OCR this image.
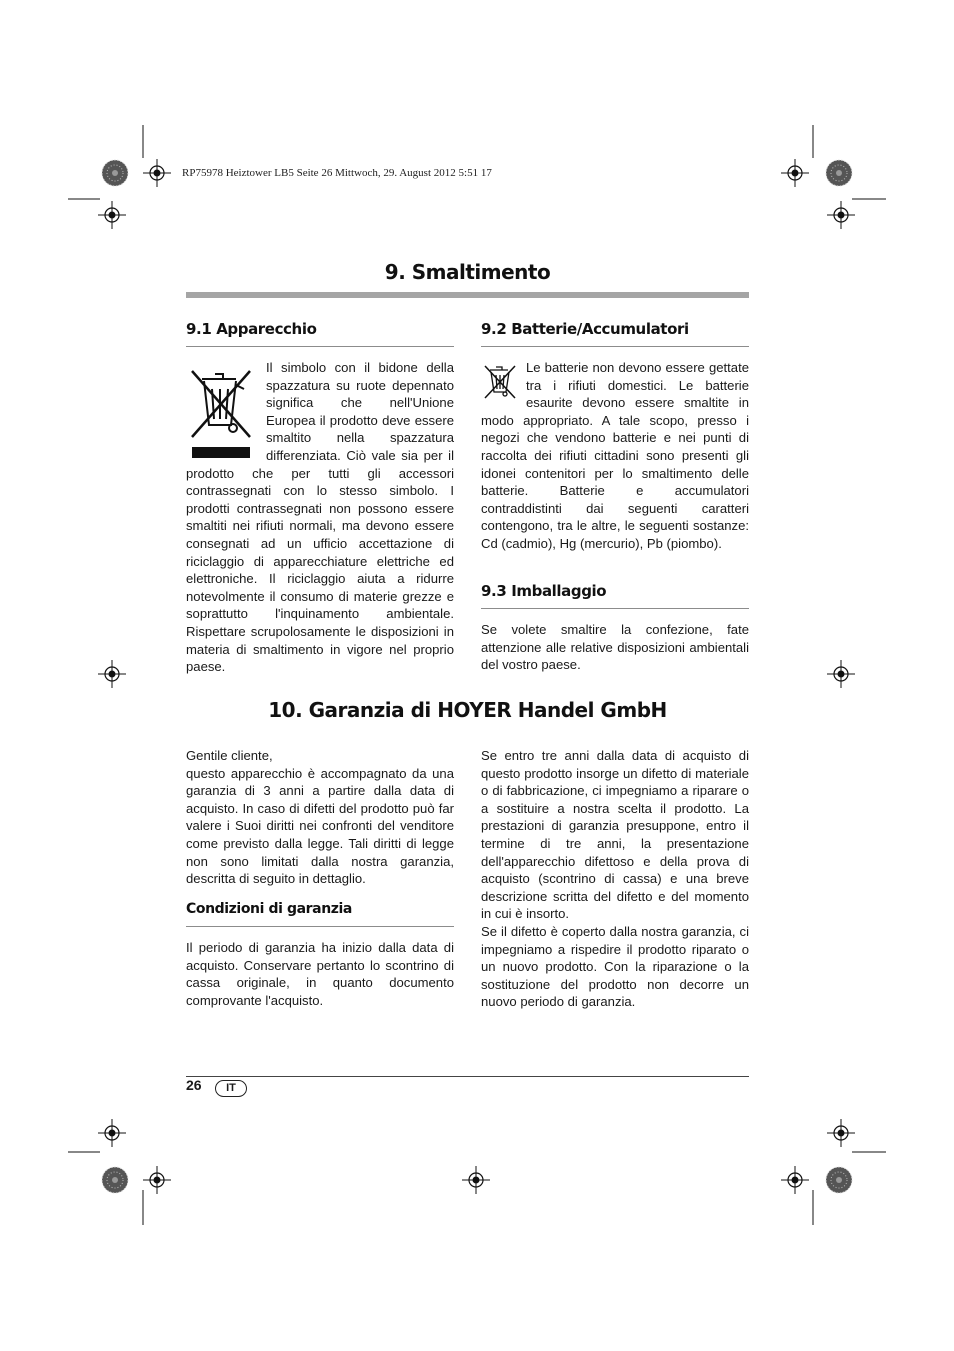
RP75978 Heiztower LB5 Seite 26 Mittwoch, 29. August 2012 5:51 17
9. Smaltimento
9.1 Apparecchio

Il simbolo con il bidone della spazzatura su ruote depennato significa che nell'Unione Europea il prodotto deve essere smaltito nella spazzatura differenziata. Ciò vale sia per il prodotto che per tutti gli accessori contrassegnati con lo stesso simbolo. I prodotti contrassegnati non possono essere smaltiti nei rifiuti normali, ma devono essere consegnati ad un ufficio accettazione di riciclaggio di apparecchiature elettriche ed elettroniche. Il riciclaggio aiuta a ridurre notevolmente il consumo di materie grezze e soprattutto l'inquinamento ambientale. Rispettare scrupolosamente le disposizioni in materia di smaltimento in vigore nel proprio paese.

9.2 Batterie/Accumulatori

Le batterie non devono essere gettate tra i rifiuti domestici. Le batterie esaurite devono essere smaltite in modo appropriato. A tale scopo, presso i negozi che vendono batterie e nei punti di raccolta dei rifiuti cittadini sono presenti gli idonei contenitori per lo smaltimento delle batterie. Batterie e accumulatori contraddistinti dai seguenti caratteri contengono, tra le altre, le seguenti sostanze: Cd (cadmio), Hg (mercurio), Pb (piombo).

9.3 Imballaggio

Se volete smaltire la confezione, fate attenzione alle relative disposizioni ambientali del vostro paese.

10. Garanzia di HOYER Handel GmbH

Gentile cliente,

questo apparecchio è accompagnato da una garanzia di 3 anni a partire dalla data di acquisto. In caso di difetti del prodotto può far valere i Suoi diritti nei confronti del venditore come previsto dalla legge. Tali diritti di legge non sono limitati dalla nostra garanzia, descritta di seguito in dettaglio.

Condizioni di garanzia

Il periodo di garanzia ha inizio dalla data di acquisto. Conservare pertanto lo scontrino di cassa originale, in quanto documento comprovante l'acquisto.

Se entro tre anni dalla data di acquisto di questo prodotto insorge un difetto di materiale o di fabbricazione, ci impegniamo a riparare o a sostituire a nostra scelta il prodotto. La prestazioni di garanzia presuppone, entro il termine di tre anni, la presentazione dell'apparecchio difettoso e della prova di acquisto (scontrino di cassa) e una breve descrizione scritta del difetto e del momento in cui è insorto.

Se il difetto è coperto dalla nostra garanzia, ci impegniamo a rispedire il prodotto riparato o un nuovo prodotto. Con la riparazione o la sostituzione del prodotto non decorre un nuovo periodo di garanzia.

26	IT
